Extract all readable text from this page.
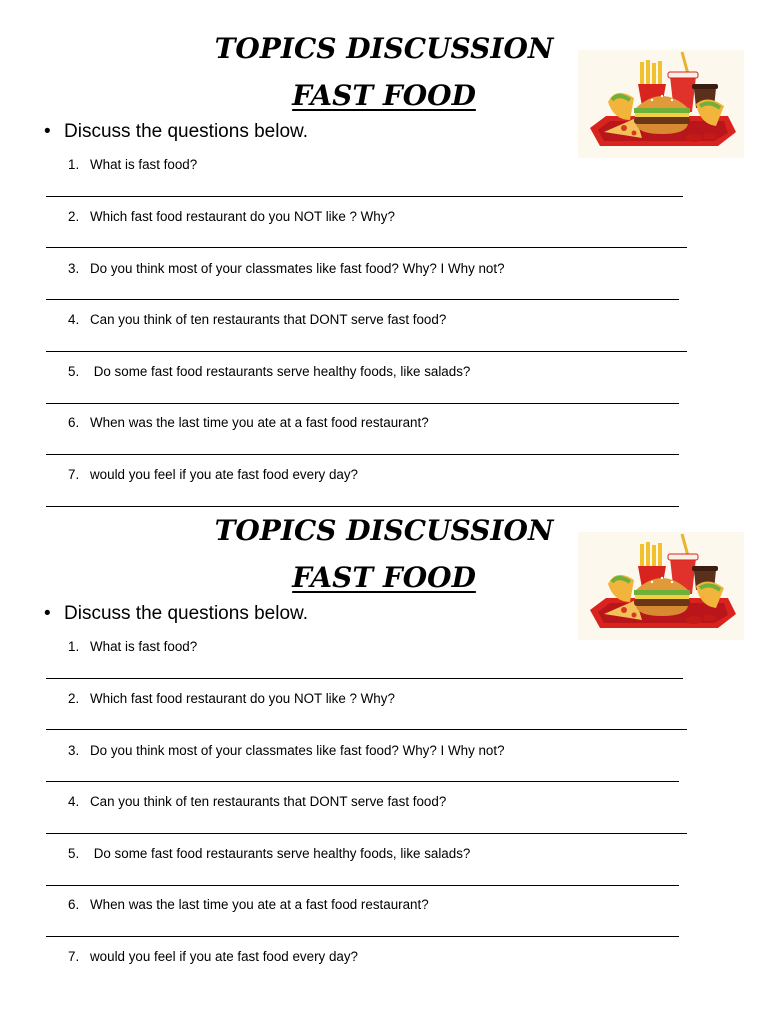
TOPICS DISCUSSION
FAST FOOD
• Discuss the questions below.
1. What is fast food?
2. Which fast food restaurant do you NOT like ? Why?
3. Do you think most of your classmates like fast food? Why? I Why not?
4. Can you think of ten restaurants that DONT serve fast food?
5. Do some fast food restaurants serve healthy foods, like salads?
6. When was the last time you ate at a fast food restaurant?
7. would you feel if you ate fast food every day?
TOPICS DISCUSSION
FAST FOOD
• Discuss the questions below.
1. What is fast food?
2. Which fast food restaurant do you NOT like ? Why?
3. Do you think most of your classmates like fast food? Why? I Why not?
4. Can you think of ten restaurants that DONT serve fast food?
5. Do some fast food restaurants serve healthy foods, like salads?
6. When was the last time you ate at a fast food restaurant?
7. would you feel if you ate fast food every day?
